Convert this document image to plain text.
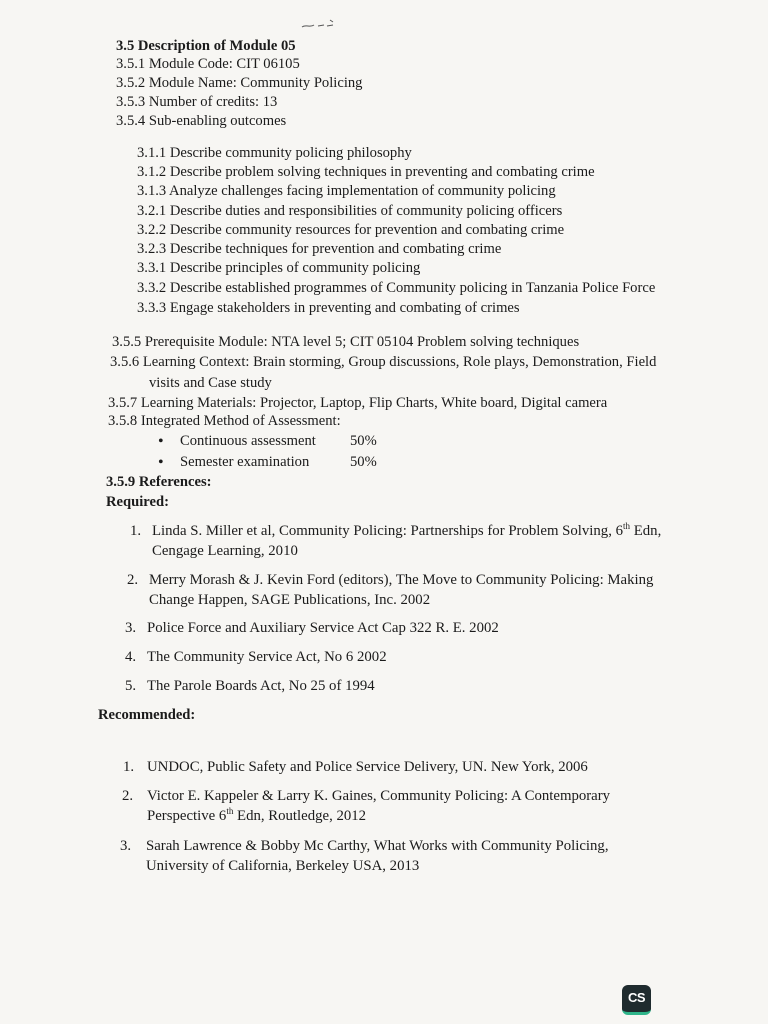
3.5 Description of Module 05
3.5.1 Module Code: CIT 06105
3.5.2 Module Name: Community Policing
3.5.3 Number of credits: 13
3.5.4 Sub-enabling outcomes
3.1.1 Describe community policing philosophy
3.1.2 Describe problem solving techniques in preventing and combating crime
3.1.3 Analyze challenges facing implementation of community policing
3.2.1 Describe duties and responsibilities of community policing officers
3.2.2 Describe community resources for prevention and combating crime
3.2.3 Describe techniques for prevention and combating crime
3.3.1 Describe principles of community policing
3.3.2 Describe established programmes of Community policing in Tanzania Police Force
3.3.3 Engage stakeholders in preventing and combating of crimes
3.5.5 Prerequisite Module: NTA level 5; CIT 05104 Problem solving techniques
3.5.6 Learning Context: Brain storming, Group discussions, Role plays, Demonstration, Field
visits and Case study
3.5.7 Learning Materials: Projector, Laptop, Flip Charts, White board, Digital camera
3.5.8 Integrated Method of Assessment:
• Continuous assessment 50%
• Semester examination	50%
3.5.9 References:
Required:
1. Linda S. Miller et al, Community Policing: Partnerships for Problem Solving, 6th Edn,
Cengage Learning, 2010
2. Merry Morash & J. Kevin Ford (editors), The Move to Community Policing: Making
Change Happen, SAGE Publications, Inc. 2002
3. Police Force and Auxiliary Service Act Cap 322 R. E. 2002
4. The Community Service Act, No 6 2002
5. The Parole Boards Act, No 25 of 1994
Recommended:
1. UNDOC, Public Safety and Police Service Delivery, UN. New York, 2006
2. Victor E. Kappeler & Larry K. Gaines, Community Policing: A Contemporary
Perspective 6th Edn, Routledge, 2012
3. Sarah Lawrence & Bobby Mc Carthy, What Works with Community Policing,
University of California, Berkeley USA, 2013
CS
